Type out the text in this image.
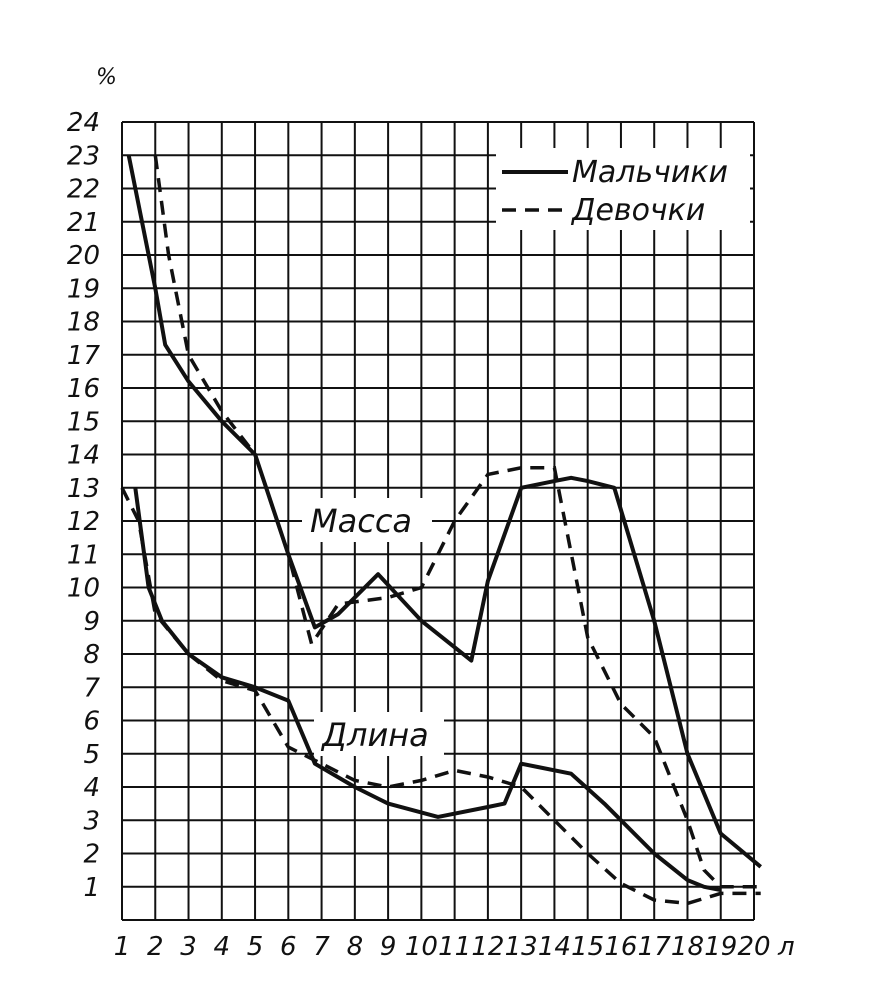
1
2
3
4
5
6
7
8
9
10
11
12
13
14
15
16
17
18
19
20
21
22
23
24
1 2 3 4 5 6 7 8 9 10 11 12 13 14 15 16 17 18 19 20
%
л
Масса
Длина
Мальчики
Девочки
